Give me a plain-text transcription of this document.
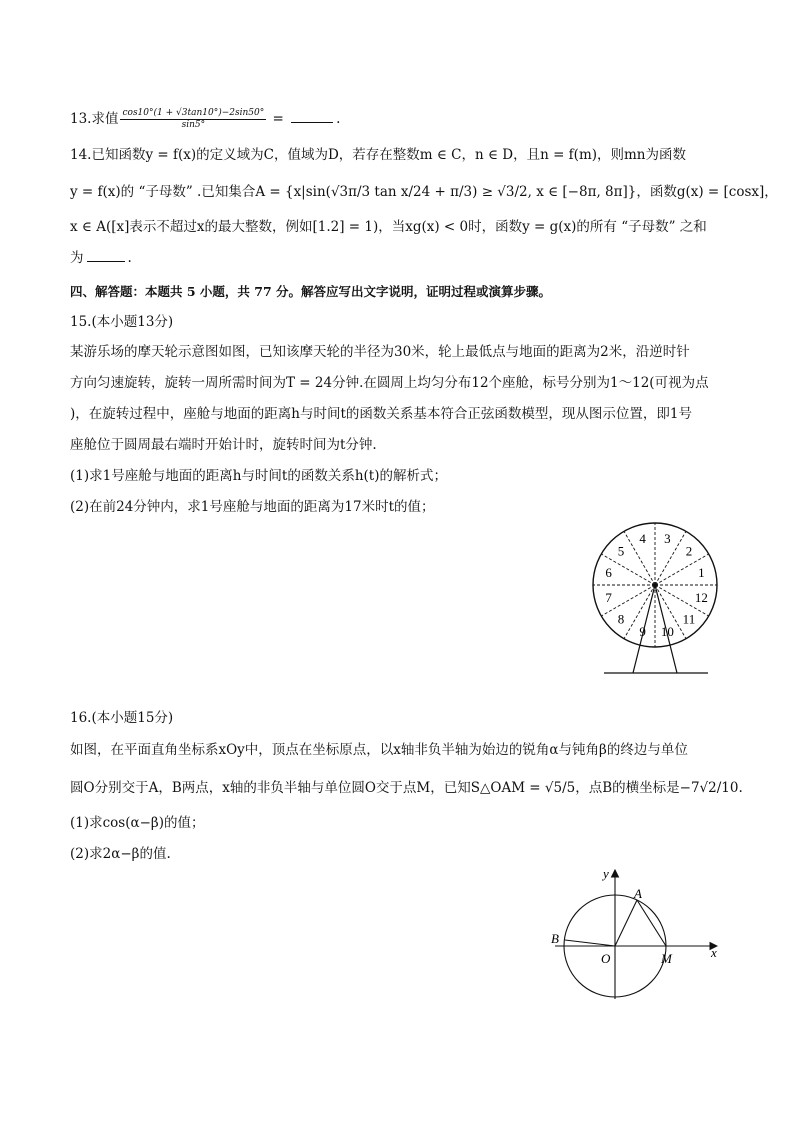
13.求值 $\frac{\cos 10^\circ(1 + √3\tan 10^\circ)-2\sin 50^\circ}{\sin 5^\circ}$ =	.
14.已知函数y = f(x)的定义域为C，值域为D，若存在整数m ∈ C，n ∈ D，且n = f(m)，则mn为函数
y = f(x)的 “子母数” .已知集合A = {x|sin(√3π/3 tan x/24 + π/3) ≥ √3/2, x ∈ [−8π, 8π]}，函数g(x) = [cosx]，
x ∈ A([x]表示不超过x的最大整数，例如[1.2] = 1)，当xg(x) < 0时，函数y = g(x)的所有 “子母数” 之和
为	.
四、解答题：本题共 5 小题，共 77 分。解答应写出文字说明，证明过程或演算步骤。
15.(本小题13分)
某游乐场的摩天轮示意图如图，已知该摩天轮的半径为30米，轮上最低点与地面的距离为2米，沿逆时针
方向匀速旋转，旋转一周所需时间为T = 24分钟.在圆周上均匀分布12个座舱，标号分别为1～12(可视为点
)，在旋转过程中，座舱与地面的距离h与时间t的函数关系基本符合正弦函数模型，现从图示位置，即1号
座舱位于圆周最右端时开始计时，旋转时间为t分钟.
(1)求1号座舱与地面的距离h与时间t的函数关系h(t)的解析式；
(2)在前24分钟内，求1号座舱与地面的距离为17米时t的值；
1
2
3
4
5
6
7
8
9 10
11
12
16.(本小题15分)
如图，在平面直角坐标系xOy中，顶点在坐标原点，以x轴非负半轴为始边的锐角α与钝角β的终边与单位
圆O分别交于A，B两点，x轴的非负半轴与单位圆O交于点M，已知S△OAM = √5/5，点B的横坐标是−7√2/10.
(1)求cos(α−β)的值；
(2)求2α−β的值.
y
x
O
A
B
M
